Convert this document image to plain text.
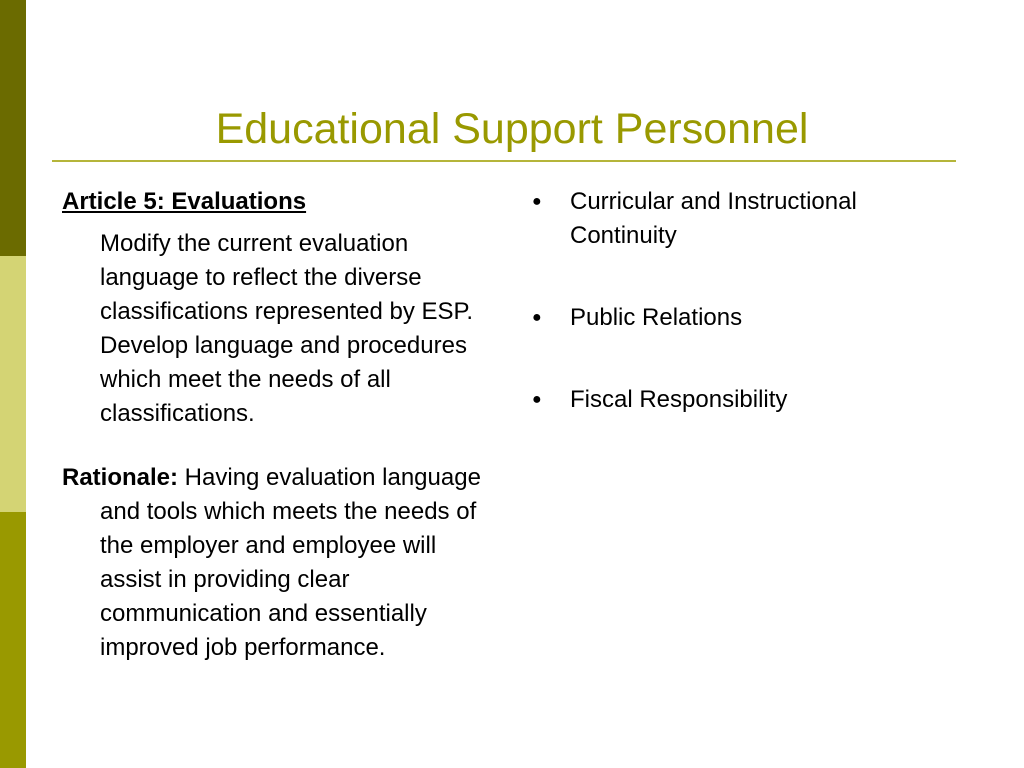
Educational Support Personnel

Article 5: Evaluations

Modify the current evaluation language to reflect the diverse classifications represented by ESP. Develop language and procedures which meet the needs of all classifications.

Rationale: Having evaluation language and tools which meets the needs of the employer and employee will assist in providing clear communication and essentially improved job performance.

● Curricular and Instructional Continuity
● Public Relations
● Fiscal Responsibility
